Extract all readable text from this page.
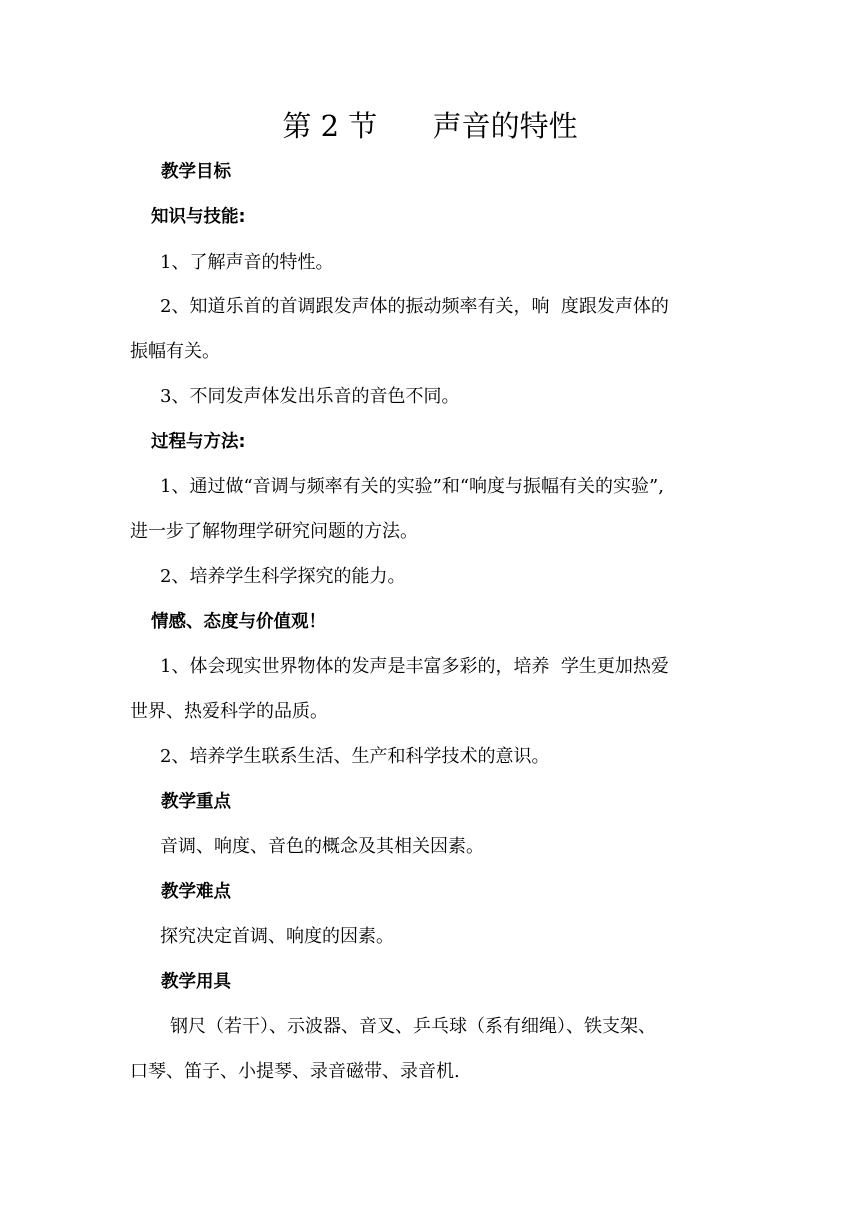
第 2 节      声音的特性
教学目标
知识与技能:
1、了解声音的特性。
2、知道乐首的首调跟发声体的振动频率有关，响  度跟发声体的
振幅有关。
3、不同发声体发出乐音的音色不同。
过程与方法:
1、通过做“音调与频率有关的实验”和“响度与振幅有关的实验”,
进一步了解物理学研究问题的方法。
2、培养学生科学探究的能力。
情感、态度与价值观！
1、体会现实世界物体的发声是丰富多彩的，培养  学生更加热爱
世界、热爱科学的品质。
2、培养学生联系生活、生产和科学技术的意识。
教学重点
音调、响度、音色的概念及其相关因素。
教学难点
探究决定首调、响度的因素。
教学用具
钢尺（若干）、示波器、音叉、乒乓球（系有细绳）、铁支架、
口琴、笛子、小提琴、录音磁带、录音机.
